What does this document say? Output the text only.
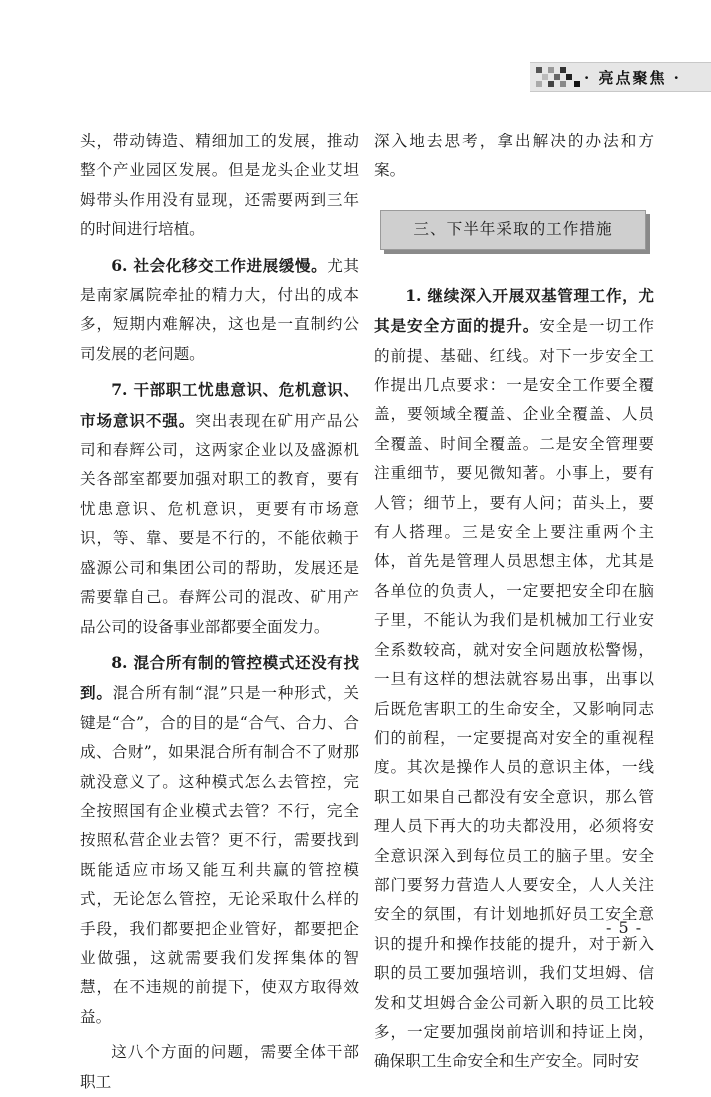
· 亮点聚焦 ·

头，带动铸造、精细加工的发展，推动整个产业园区发展。但是龙头企业艾坦姆带头作用没有显现，还需要两到三年的时间进行培植。

6. 社会化移交工作进展缓慢。尤其是南家属院牵扯的精力大，付出的成本多，短期内难解决，这也是一直制约公司发展的老问题。

7. 干部职工忧患意识、危机意识、市场意识不强。突出表现在矿用产品公司和春辉公司，这两家企业以及盛源机关各部室都要加强对职工的教育，要有忧患意识、危机意识，更要有市场意识，等、靠、要是不行的，不能依赖于盛源公司和集团公司的帮助，发展还是需要靠自己。春辉公司的混改、矿用产品公司的设备事业部都要全面发力。

8. 混合所有制的管控模式还没有找到。混合所有制“混”只是一种形式，关键是“合”，合的目的是“合气、合力、合成、合财”，如果混合所有制合不了财那就没意义了。这种模式怎么去管控，完全按照国有企业模式去管？不行，完全按照私营企业去管？更不行，需要找到既能适应市场又能互利共赢的管控模式，无论怎么管控，无论采取什么样的手段，我们都要把企业管好，都要把企业做强，这就需要我们发挥集体的智慧，在不违规的前提下，使双方取得效益。

这八个方面的问题，需要全体干部职工

深入地去思考，拿出解决的办法和方案。

三、下半年采取的工作措施

1. 继续深入开展双基管理工作，尤其是安全方面的提升。安全是一切工作的前提、基础、红线。对下一步安全工作提出几点要求：一是安全工作要全覆盖，要领域全覆盖、企业全覆盖、人员全覆盖、时间全覆盖。二是安全管理要注重细节，要见微知著。小事上，要有人管；细节上，要有人问；苗头上，要有人搭理。三是安全上要注重两个主体，首先是管理人员思想主体，尤其是各单位的负责人，一定要把安全印在脑子里，不能认为我们是机械加工行业安全系数较高，就对安全问题放松警惕，一旦有这样的想法就容易出事，出事以后既危害职工的生命安全，又影响同志们的前程，一定要提高对安全的重视程度。其次是操作人员的意识主体，一线职工如果自己都没有安全意识，那么管理人员下再大的功夫都没用，必须将安全意识深入到每位员工的脑子里。安全部门要努力营造人人要安全，人人关注安全的氛围，有计划地抓好员工安全意识的提升和操作技能的提升，对于新入职的员工要加强培训，我们艾坦姆、信发和艾坦姆合金公司新入职的员工比较多，一定要加强岗前培训和持证上岗，确保职工生命安全和生产安全。同时安

- 5 -
